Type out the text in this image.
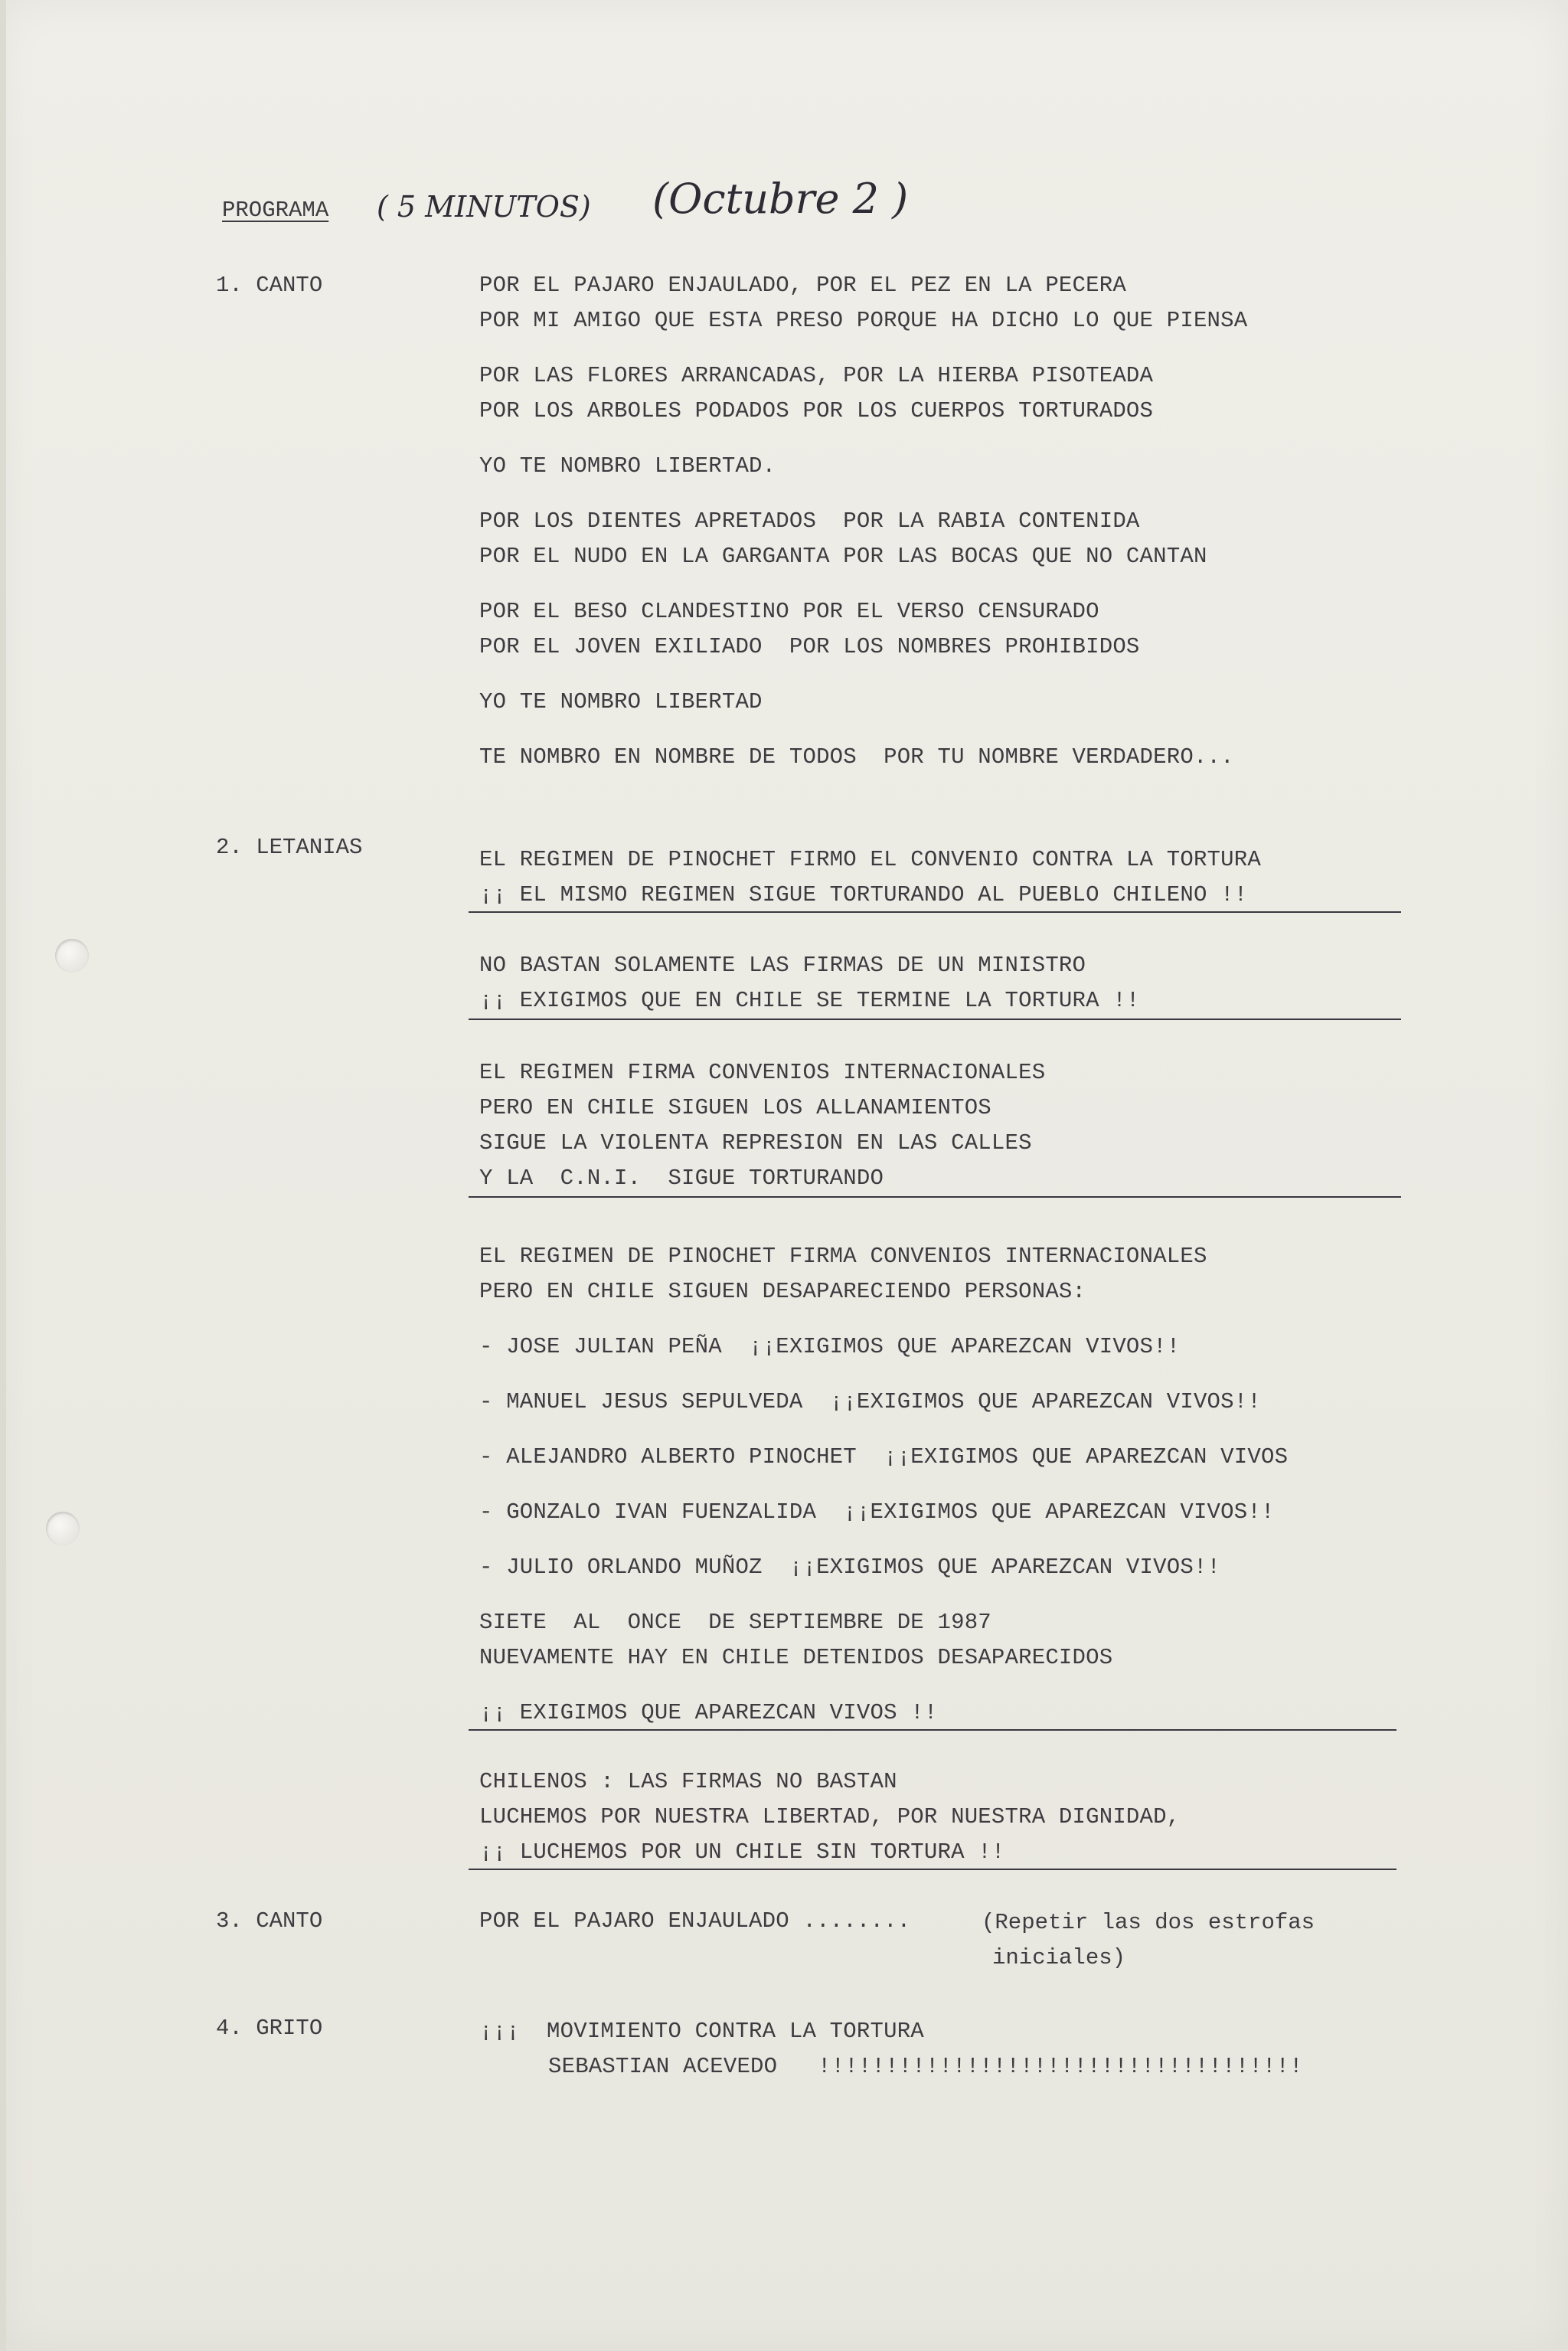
PROGRAMA ( 5 MINUTOS) (Octubre 2 )
1. CANTO	POR EL PAJARO ENJAULADO, POR EL PEZ EN LA PECERA
POR MI AMIGO QUE ESTA PRESO PORQUE HA DICHO LO QUE PIENSA
POR LAS FLORES ARRANCADAS, POR LA HIERBA PISOTEADA
POR LOS ARBOLES PODADOS POR LOS CUERPOS TORTURADOS
YO TE NOMBRO LIBERTAD.
POR LOS DIENTES APRETADOS  POR LA RABIA CONTENIDA
POR EL NUDO EN LA GARGANTA POR LAS BOCAS QUE NO CANTAN
POR EL BESO CLANDESTINO POR EL VERSO CENSURADO
POR EL JOVEN EXILIADO  POR LOS NOMBRES PROHIBIDOS
YO TE NOMBRO LIBERTAD
TE NOMBRO EN NOMBRE DE TODOS  POR TU NOMBRE VERDADERO...
2. LETANIAS	EL REGIMEN DE PINOCHET FIRMO EL CONVENIO CONTRA LA TORTURA
¡¡ EL MISMO REGIMEN SIGUE TORTURANDO AL PUEBLO CHILENO !!
NO BASTAN SOLAMENTE LAS FIRMAS DE UN MINISTRO
¡¡ EXIGIMOS QUE EN CHILE SE TERMINE LA TORTURA !!
EL REGIMEN FIRMA CONVENIOS INTERNACIONALES
PERO EN CHILE SIGUEN LOS ALLANAMIENTOS
SIGUE LA VIOLENTA REPRESION EN LAS CALLES
Y LA  C.N.I.  SIGUE TORTURANDO
EL REGIMEN DE PINOCHET FIRMA CONVENIOS INTERNACIONALES
PERO EN CHILE SIGUEN DESAPARECIENDO PERSONAS:
- JOSE JULIAN PEÑA  ¡¡EXIGIMOS QUE APAREZCAN VIVOS!!
- MANUEL JESUS SEPULVEDA  ¡¡EXIGIMOS QUE APAREZCAN VIVOS!!
- ALEJANDRO ALBERTO PINOCHET  ¡¡EXIGIMOS QUE APAREZCAN VIVOS
- GONZALO IVAN FUENZALIDA  ¡¡EXIGIMOS QUE APAREZCAN VIVOS!!
- JULIO ORLANDO MUÑOZ  ¡¡EXIGIMOS QUE APAREZCAN VIVOS!!
SIETE  AL  ONCE  DE SEPTIEMBRE DE 1987
NUEVAMENTE HAY EN CHILE DETENIDOS DESAPARECIDOS
¡¡ EXIGIMOS QUE APAREZCAN VIVOS !!
CHILENOS : LAS FIRMAS NO BASTAN
LUCHEMOS POR NUESTRA LIBERTAD, POR NUESTRA DIGNIDAD,
¡¡ LUCHEMOS POR UN CHILE SIN TORTURA !!
3. CANTO	POR EL PAJARO ENJAULADO ........	(Repetir las dos estrofas
iniciales)
4. GRITO	¡¡¡  MOVIMIENTO CONTRA LA TORTURA
SEBASTIAN ACEVEDO   !!!!!!!!!!!!!!!!!!!!!!!!!!!!!!!!!!!!
